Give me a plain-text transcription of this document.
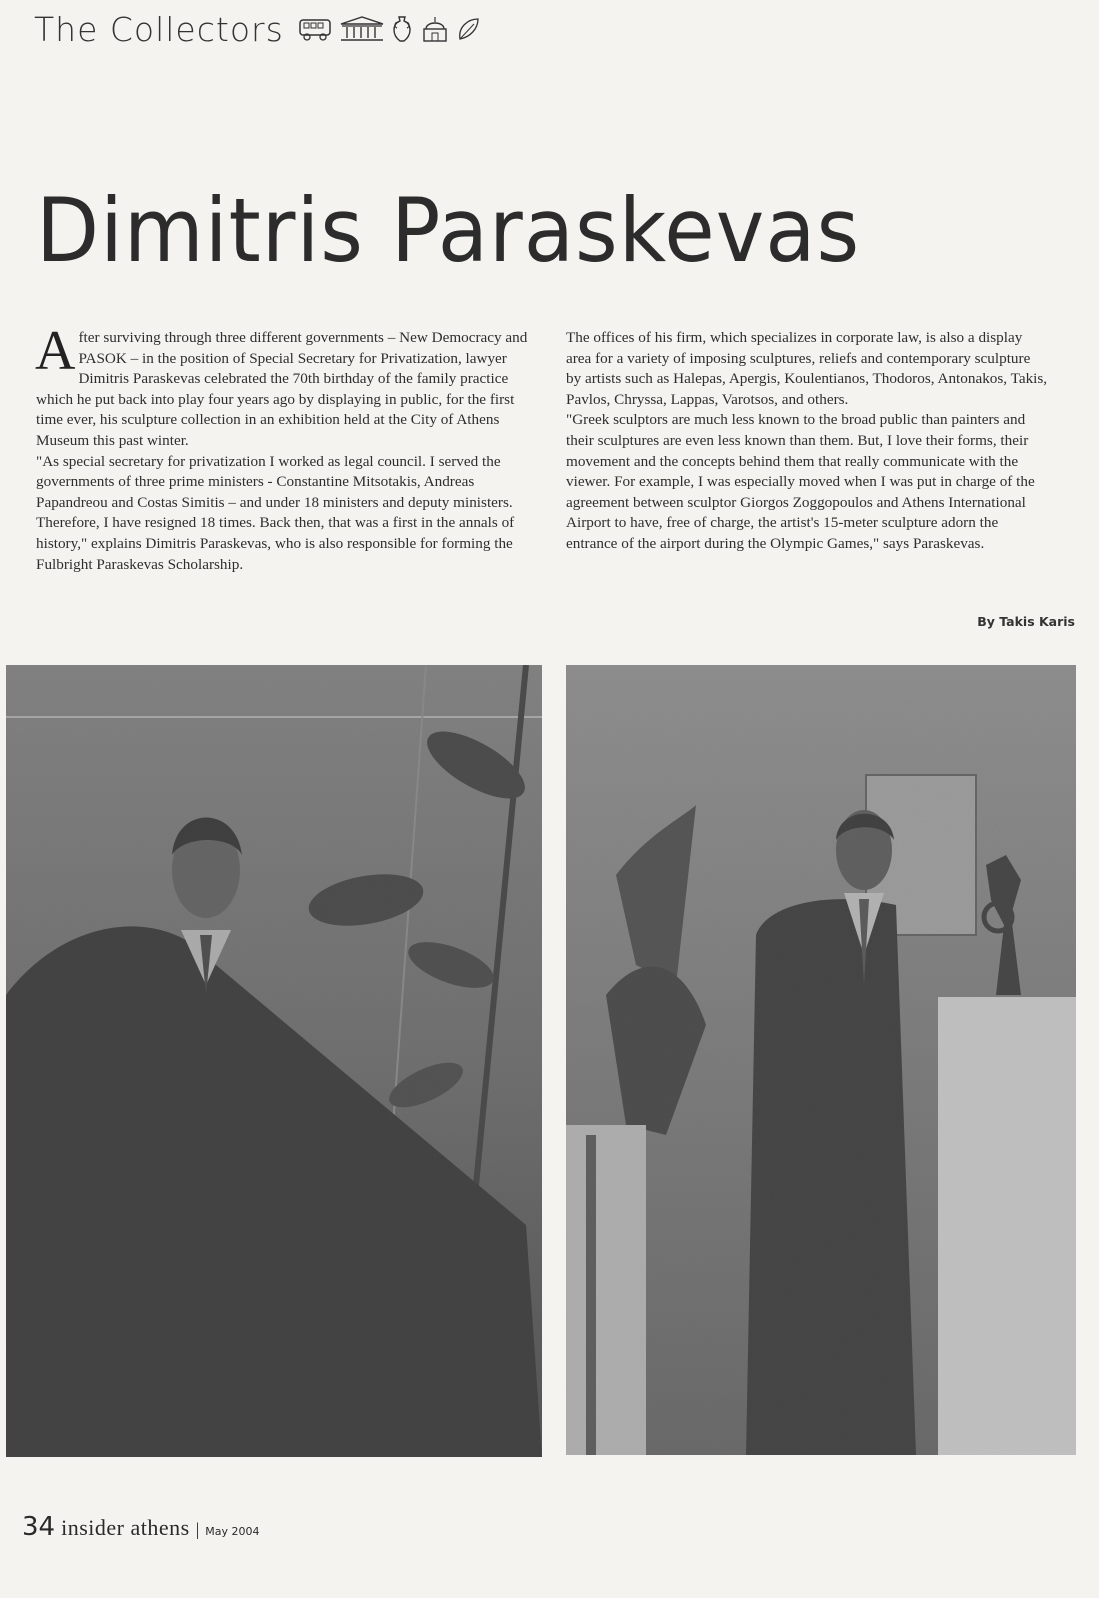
The Collectors
Dimitris Paraskevas

After surviving through three different governments – New Democracy and PASOK – in the position of Special Secretary for Privatization, lawyer Dimitris Paraskevas celebrated the 70th birthday of the family practice which he put back into play four years ago by displaying in public, for the first time ever, his sculpture collection in an exhibition held at the City of Athens Museum this past winter.

"As special secretary for privatization I worked as legal council. I served the governments of three prime ministers - Constantine Mitsotakis, Andreas Papandreou and Costas Simitis – and under 18 ministers and deputy ministers. Therefore, I have resigned 18 times. Back then, that was a first in the annals of history," explains Dimitris Paraskevas, who is also responsible for forming the Fulbright Paraskevas Scholarship.

The offices of his firm, which specializes in corporate law, is also a display area for a variety of imposing sculptures, reliefs and contemporary sculpture by artists such as Halepas, Apergis, Koulentianos, Thodoros, Antonakos, Takis, Pavlos, Chryssa, Lappas, Varotsos, and others.

"Greek sculptors are much less known to the broad public than painters and their sculptures are even less known than them. But, I love their forms, their movement and the concepts behind them that really communicate with the viewer. For example, I was especially moved when I was put in charge of the agreement between sculptor Giorgos Zoggopoulos and Athens International Airport to have, free of charge, the artist's 15-meter sculpture adorn the entrance of the airport during the Olympic Games," says Paraskevas.

By Takis Karis
34 insider athens | May 2004
